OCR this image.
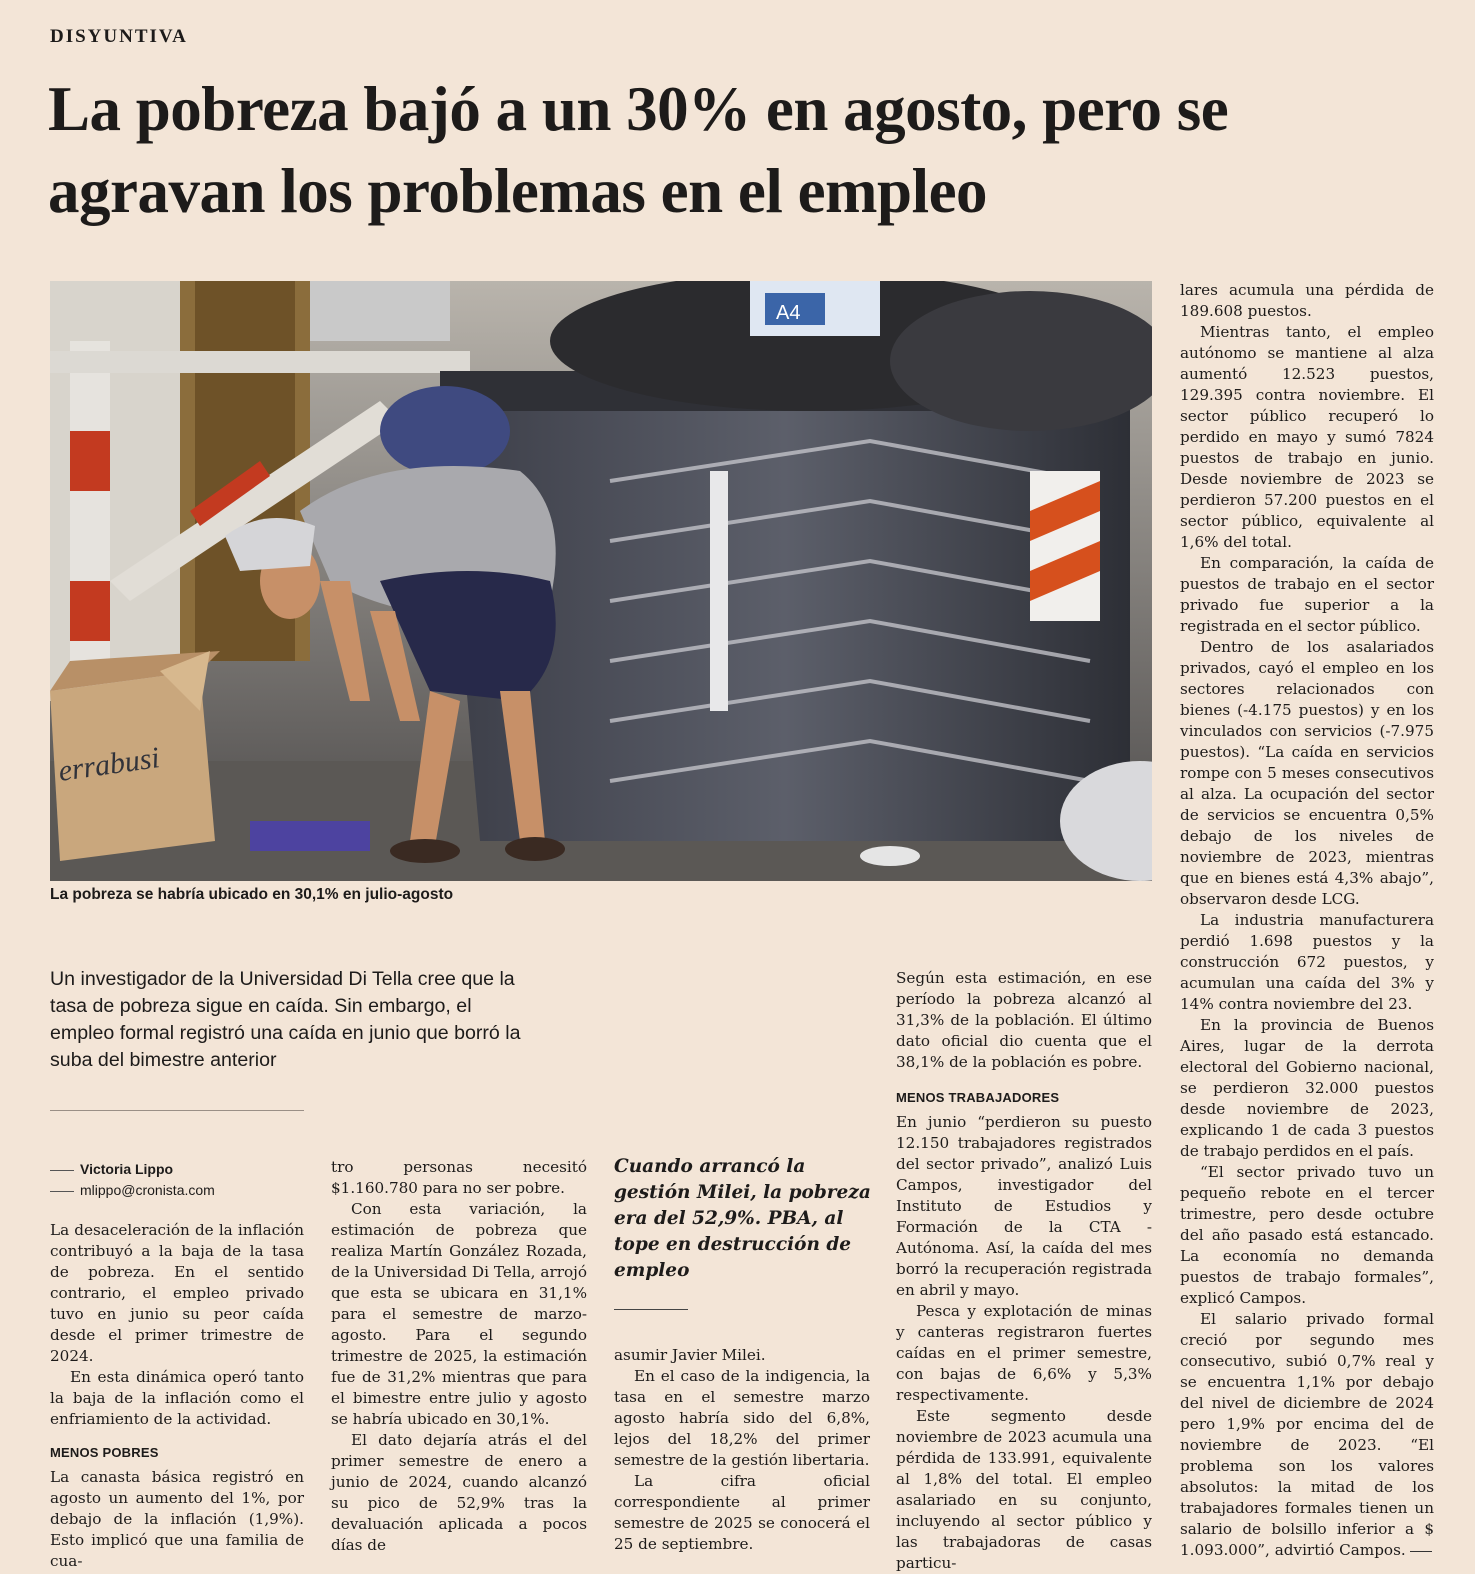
DISYUNTIVA
La pobreza bajó a un 30% en agosto, pero se agravan los problemas en el empleo
A4
errabusi
La pobreza se habría ubicado en 30,1% en julio-agosto

Un investigador de la Universidad Di Tella cree que la tasa de pobreza sigue en caída. Sin embargo, el empleo formal registró una caída en junio que borró la suba del bimestre anterior

Victoria Lippo
mlippo@cronista.com

La desaceleración de la inflación contribuyó a la baja de la tasa de pobreza. En el sentido contrario, el empleo privado tuvo en junio su peor caída desde el primer trimestre de 2024.

En esta dinámica operó tanto la baja de la inflación como el enfriamiento de la actividad.

MENOS POBRES

La canasta básica registró en agosto un aumento del 1%, por debajo de la inflación (1,9%). Esto implicó que una familia de cua-

tro personas necesitó $1.160.780 para no ser pobre.

Con esta variación, la estimación de pobreza que realiza Martín González Rozada, de la Universidad Di Tella, arrojó que esta se ubicara en 31,1% para el semestre de marzo-agosto. Para el segundo trimestre de 2025, la estimación fue de 31,2% mientras que para el bimestre entre julio y agosto se habría ubicado en 30,1%.

El dato dejaría atrás el del primer semestre de enero a junio de 2024, cuando alcanzó su pico de 52,9% tras la devaluación aplicada a pocos días de

Cuando arrancó la gestión Milei, la pobreza era del 52,9%. PBA, al tope en destrucción de empleo

asumir Javier Milei.

En el caso de la indigencia, la tasa en el semestre marzo agosto habría sido del 6,8%, lejos del 18,2% del primer semestre de la gestión libertaria.

La cifra oficial correspondiente al primer semestre de 2025 se conocerá el 25 de septiembre.

Según esta estimación, en ese período la pobreza alcanzó al 31,3% de la población. El último dato oficial dio cuenta que el 38,1% de la población es pobre.

MENOS TRABAJADORES

En junio “perdieron su puesto 12.150 trabajadores registrados del sector privado”, analizó Luis Campos, investigador del Instituto de Estudios y Formación de la CTA - Autónoma. Así, la caída del mes borró la recuperación registrada en abril y mayo.

Pesca y explotación de minas y canteras registraron fuertes caídas en el primer semestre, con bajas de 6,6% y 5,3% respectivamente.

Este segmento desde noviembre de 2023 acumula una pérdida de 133.991, equivalente al 1,8% del total. El empleo asalariado en su conjunto, incluyendo al sector público y las trabajadoras de casas particu-

lares acumula una pérdida de 189.608 puestos.

Mientras tanto, el empleo autónomo se mantiene al alza aumentó 12.523 puestos, 129.395 contra noviembre. El sector público recuperó lo perdido en mayo y sumó 7824 puestos de trabajo en junio. Desde noviembre de 2023 se perdieron 57.200 puestos en el sector público, equivalente al 1,6% del total.

En comparación, la caída de puestos de trabajo en el sector privado fue superior a la registrada en el sector público.

Dentro de los asalariados privados, cayó el empleo en los sectores relacionados con bienes (-4.175 puestos) y en los vinculados con servicios (-7.975 puestos). “La caída en servicios rompe con 5 meses consecutivos al alza. La ocupación del sector de servicios se encuentra 0,5% debajo de los niveles de noviembre de 2023, mientras que en bienes está 4,3% abajo”, observaron desde LCG.

La industria manufacturera perdió 1.698 puestos y la construcción 672 puestos, y acumulan una caída del 3% y 14% contra noviembre del 23.

En la provincia de Buenos Aires, lugar de la derrota electoral del Gobierno nacional, se perdieron 32.000 puestos desde noviembre de 2023, explicando 1 de cada 3 puestos de trabajo perdidos en el país.

“El sector privado tuvo un pequeño rebote en el tercer trimestre, pero desde octubre del año pasado está estancado. La economía no demanda puestos de trabajo formales”, explicó Campos.

El salario privado formal creció por segundo mes consecutivo, subió 0,7% real y se encuentra 1,1% por debajo del nivel de diciembre de 2024 pero 1,9% por encima del de noviembre de 2023. “El problema son los valores absolutos: la mitad de los trabajadores formales tienen un salario de bolsillo inferior a $ 1.093.000”, advirtió Campos.
